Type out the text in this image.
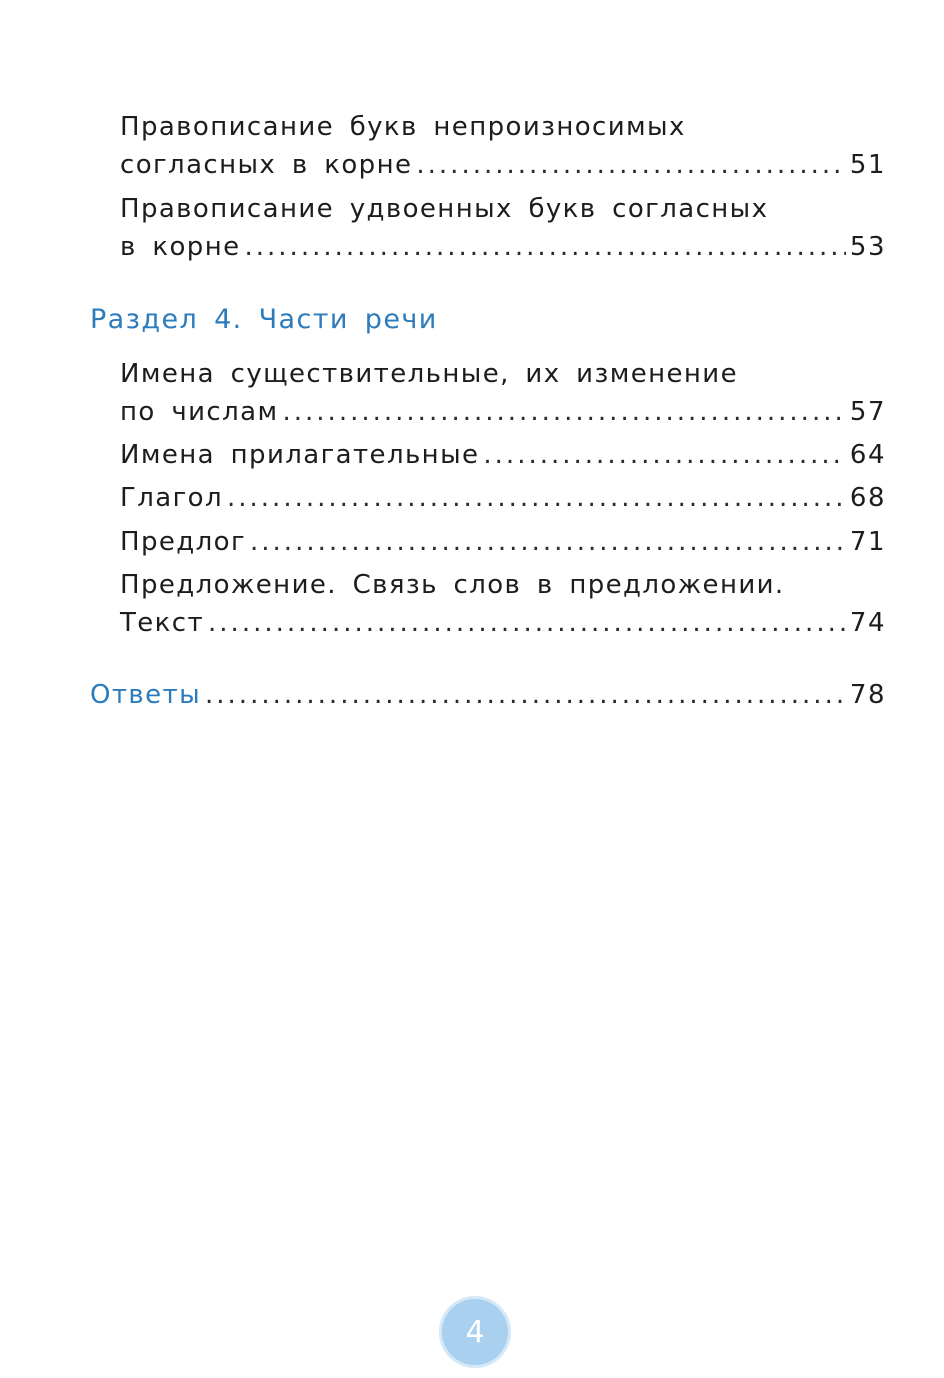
Правописание букв непроизносимых
согласных в корне .....	51
Правописание удвоенных букв согласных
в корне .....	53
Раздел 4. Части речи
Имена существительные, их изменение
по числам .....	57
Имена прилагательные .....	64
Глагол .....	68
Предлог .....	71
Предложение. Связь слов в предложении.
Текст .....	74
Ответы .....	78
4
